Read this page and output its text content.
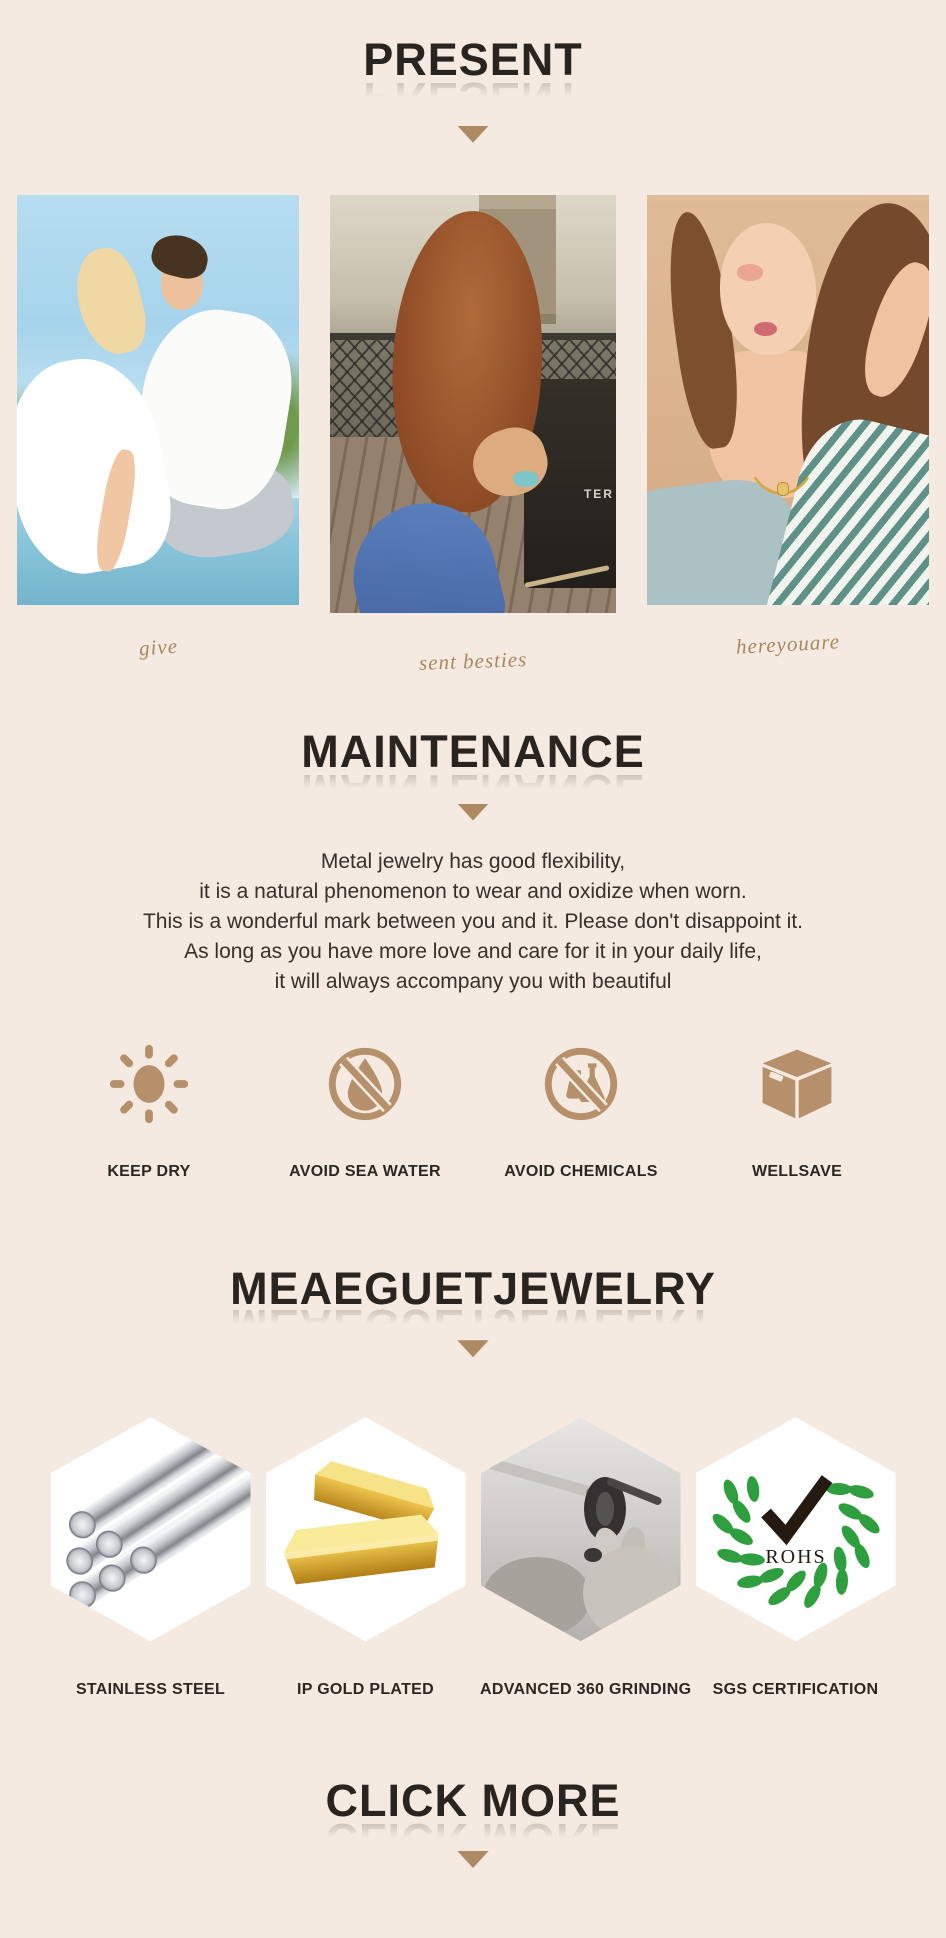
PRESENT
give
TER
sent besties
hereyouare
MAINTENANCE
Metal jewelry has good flexibility,
it is a natural phenomenon to wear and oxidize when worn.
This is a wonderful mark between you and it. Please don't disappoint it.
As long as you have more love and care for it in your daily life,
it will always accompany you with beautiful
KEEP DRY	AVOID SEA WATER	AVOID CHEMICALS	WELLSAVE
MEAEGUETJEWELRY
STAINLESS STEEL	IP GOLD PLATED	ADVANCED 360 GRINDING
ROHS
SGS CERTIFICATION
CLICK MORE
